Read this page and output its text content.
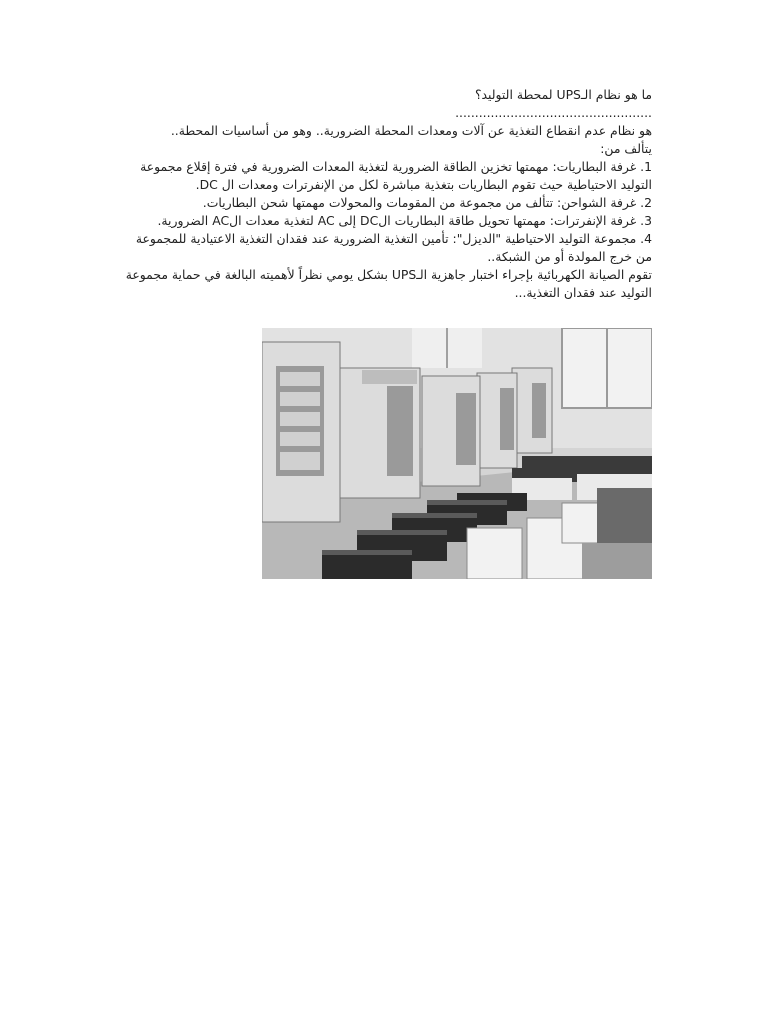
ما هو نظام الـUPS لمحطة التوليد؟

..................................................

هو نظام عدم انقطاع التغذية عن آلات ومعدات المحطة الضرورية.. وهو من أساسيات المحطة..

يتألف من:

1. غرفة البطاريات: مهمتها تخزين الطاقة الضرورية لتغذية المعدات الضرورية في فترة إقلاع مجموعة التوليد الاحتياطية حيث تقوم البطاريات بتغذية مباشرة لكل من الإنفرترات ومعدات ال DC.

2. غرفة الشواحن: تتألف من مجموعة من المقومات والمحولات مهمتها شحن البطاريات.

3. غرفة الإنفرترات: مهمتها تحويل طاقة البطاريات الDC إلى AC لتغذية معدات الAC الضرورية.

4. مجموعة التوليد الاحتياطية "الديزل": تأمين التغذية الضرورية عند فقدان التغذية الاعتيادية للمجموعة من خرج المولدة أو من الشبكة..

تقوم الصيانة الكهربائية بإجراء اختبار جاهزية الـUPS بشكل يومي نظراً لأهميته البالغة في حماية مجموعة التوليد عند فقدان التغذية...
